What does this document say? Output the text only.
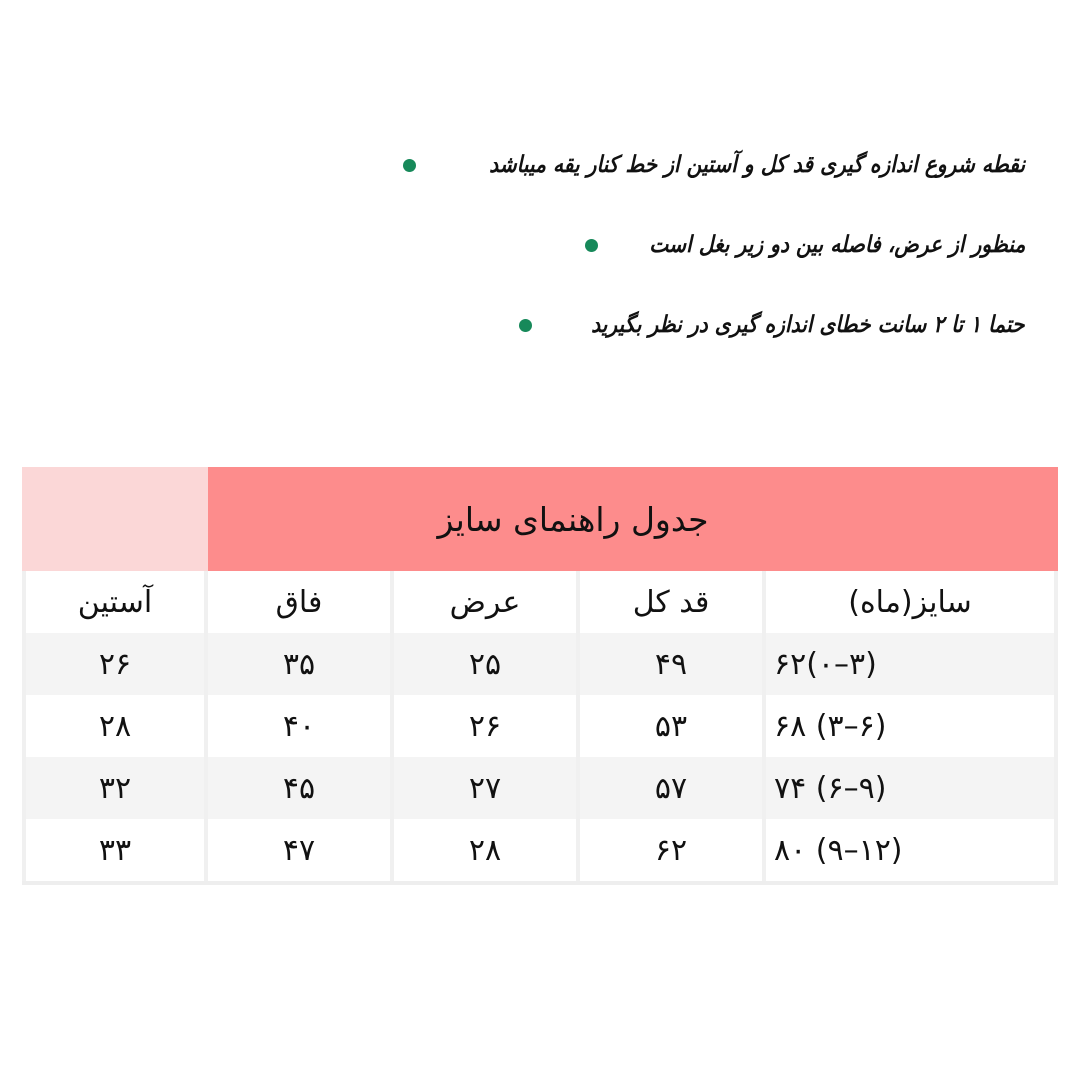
نقطه شروع اندازه گیری قد کل و آستین از خط کنار یقه میباشد
منظور از عرض، فاصله بین دو زیر بغل است
حتما ۱ تا ۲ سانت خطای اندازه گیری در نظر بگیرید
جدول راهنمای سایز
آستین	فاق	عرض	قد کل	سایز(ماه)
۲۶	۳۵	۲۵	۴۹	۶۲(۰–۳)
۲۸	۴۰	۲۶	۵۳	۶۸ (۳–۶)
۳۲	۴۵	۲۷	۵۷	۷۴ (۶–۹)
۳۳	۴۷	۲۸	۶۲	۸۰ (۹–۱۲)
